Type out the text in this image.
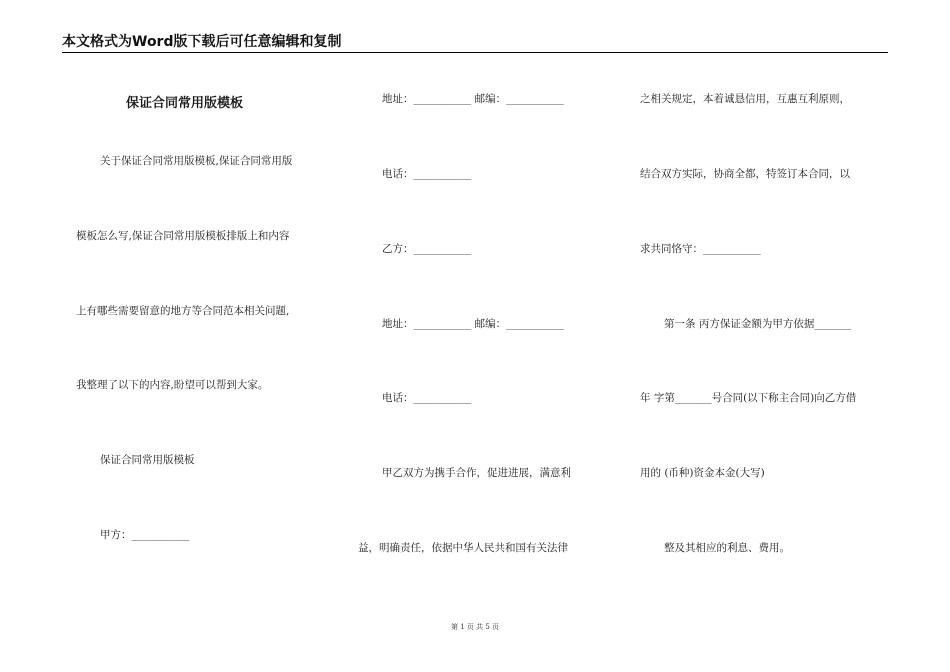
本文格式为Word版下载后可任意编辑和复制
保证合同常用版模板
关于保证合同常用版模板,保证合同常用版
模板怎么写,保证合同常用版模板排版上和内容
上有哪些需要留意的地方等合同范本相关问题,
我整理了以下的内容,盼望可以帮到大家。
保证合同常用版模板
甲方：___________
地址：___________ 邮编：___________
电话：___________
乙方：___________
地址：___________ 邮编：___________
电话：___________
甲乙双方为携手合作，促进进展，满意利
益，明确责任，依据中华人民共和国有关法律
之相关规定，本着诚恳信用，互惠互利原则，
结合双方实际，协商全都，特签订本合同，以
求共同恪守：___________
第一条 丙方保证金额为甲方依据_______
年 字第_______号合同(以下称主合同)向乙方借
用的 (币种)资金本金(大写)
整及其相应的利息、费用。
第 1 页 共 5 页
